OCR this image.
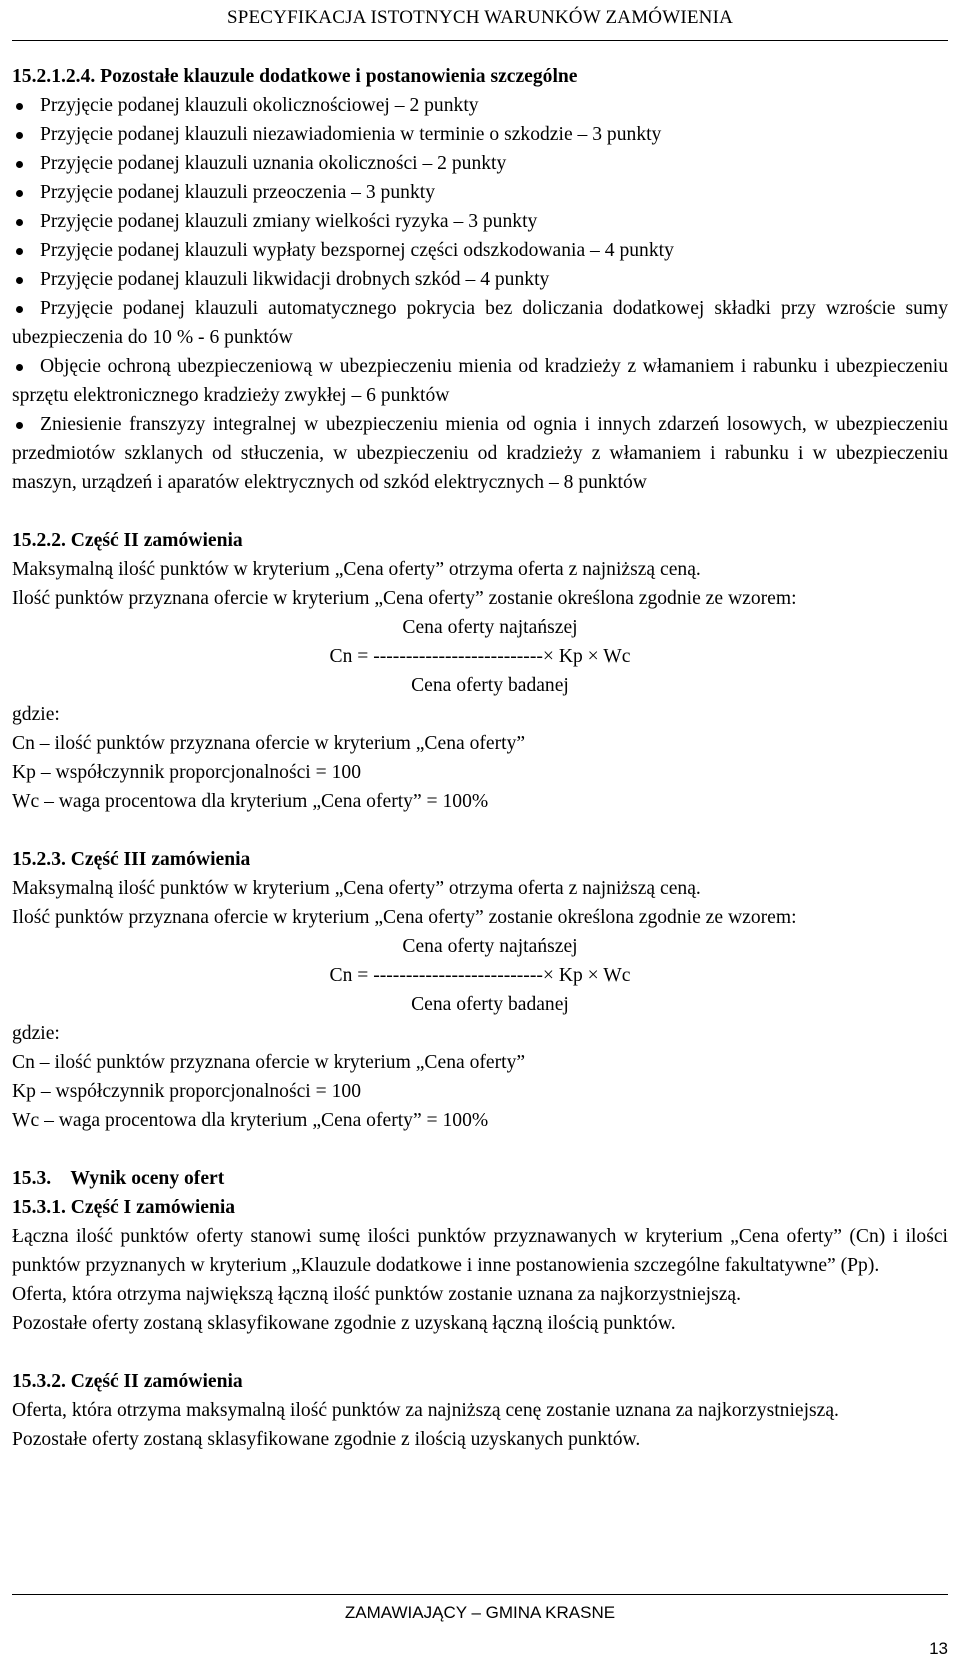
SPECYFIKACJA ISTOTNYCH WARUNKÓW ZAMÓWIENIA

15.2.1.2.4. Pozostałe klauzule dodatkowe i postanowienia szczególne

Przyjęcie podanej klauzuli okolicznościowej – 2 punkty
Przyjęcie podanej klauzuli niezawiadomienia w terminie o szkodzie – 3 punkty
Przyjęcie podanej klauzuli uznania okoliczności – 2 punkty
Przyjęcie podanej klauzuli przeoczenia – 3 punkty
Przyjęcie podanej klauzuli zmiany wielkości ryzyka – 3 punkty
Przyjęcie podanej klauzuli wypłaty bezspornej części odszkodowania – 4 punkty
Przyjęcie podanej klauzuli likwidacji drobnych szkód – 4 punkty
Przyjęcie podanej klauzuli automatycznego pokrycia bez doliczania dodatkowej składki przy wzroście sumy ubezpieczenia do 10 % - 6 punktów
Objęcie ochroną ubezpieczeniową w ubezpieczeniu mienia od kradzieży z włamaniem i rabunku i ubezpieczeniu sprzętu elektronicznego kradzieży zwykłej – 6 punktów
Zniesienie franszyzy integralnej w ubezpieczeniu mienia od ognia i innych zdarzeń losowych, w ubezpieczeniu przedmiotów szklanych od stłuczenia, w ubezpieczeniu od kradzieży z włamaniem i rabunku i w ubezpieczeniu maszyn, urządzeń i aparatów elektrycznych od szkód elektrycznych – 8 punktów

15.2.2. Część II zamówienia

Maksymalną ilość punktów w kryterium „Cena oferty” otrzyma oferta z najniższą ceną.

Ilość punktów przyznana ofercie w kryterium „Cena oferty” zostanie określona zgodnie ze wzorem:

Cena oferty najtańszej
Cn = --------------------------× Kp × Wc
Cena oferty badanej

gdzie:

Cn – ilość punktów przyznana ofercie w kryterium „Cena oferty”

Kp – współczynnik proporcjonalności = 100

Wc – waga procentowa dla kryterium „Cena oferty” = 100%

15.2.3. Część III zamówienia

Maksymalną ilość punktów w kryterium „Cena oferty” otrzyma oferta z najniższą ceną.

Ilość punktów przyznana ofercie w kryterium „Cena oferty” zostanie określona zgodnie ze wzorem:

Cena oferty najtańszej
Cn = --------------------------× Kp × Wc
Cena oferty badanej

gdzie:

Cn – ilość punktów przyznana ofercie w kryterium „Cena oferty”

Kp – współczynnik proporcjonalności = 100

Wc – waga procentowa dla kryterium „Cena oferty” = 100%

15.3.    Wynik oceny ofert

15.3.1. Część I zamówienia

Łączna ilość punktów oferty stanowi sumę ilości punktów przyznawanych w kryterium „Cena oferty” (Cn) i ilości punktów przyznanych w kryterium „Klauzule dodatkowe i inne postanowienia szczególne fakultatywne” (Pp).

Oferta, która otrzyma największą łączną ilość punktów zostanie uznana za najkorzystniejszą.

Pozostałe oferty zostaną sklasyfikowane zgodnie z uzyskaną łączną ilością punktów.

15.3.2. Część II zamówienia

Oferta, która otrzyma maksymalną ilość punktów za najniższą cenę zostanie uznana za najkorzystniejszą.

Pozostałe oferty zostaną sklasyfikowane zgodnie z ilością uzyskanych punktów.

ZAMAWIAJĄCY – GMINA KRASNE
13
